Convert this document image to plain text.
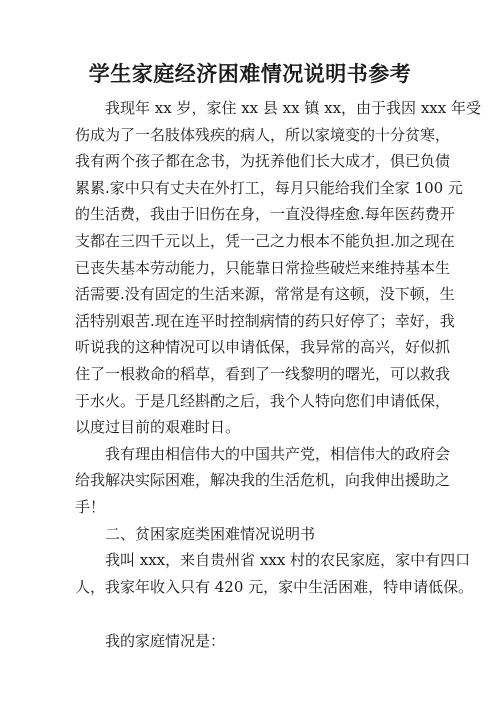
学生家庭经济困难情况说明书参考
我现年 xx 岁，家住 xx 县 xx 镇 xx，由于我因 xxx 年受
伤成为了一名肢体残疾的病人，所以家境变的十分贫寒，
我有两个孩子都在念书，为抚养他们长大成才，俱已负债
累累.家中只有丈夫在外打工，每月只能给我们全家 100 元
的生活费，我由于旧伤在身，一直没得痊愈.每年医药费开
支都在三四千元以上，凭一己之力根本不能负担.加之现在
已丧失基本劳动能力，只能靠日常捡些破烂来维持基本生
活需要.没有固定的生活来源，常常是有这顿，没下顿，生
活特别艰苦.现在连平时控制病情的药只好停了；幸好，我
听说我的这种情况可以申请低保，我异常的高兴，好似抓
住了一根救命的稻草，看到了一线黎明的曙光，可以救我
于水火。于是几经斟酌之后，我个人特向您们申请低保，
以度过目前的艰难时日。
我有理由相信伟大的中国共产党，相信伟大的政府会
给我解决实际困难，解决我的生活危机，向我伸出援助之
手！
二、贫困家庭类困难情况说明书
我叫 xxx，来自贵州省 xxx 村的农民家庭，家中有四口
人，我家年收入只有 420 元，家中生活困难，特申请低保。
我的家庭情况是：
